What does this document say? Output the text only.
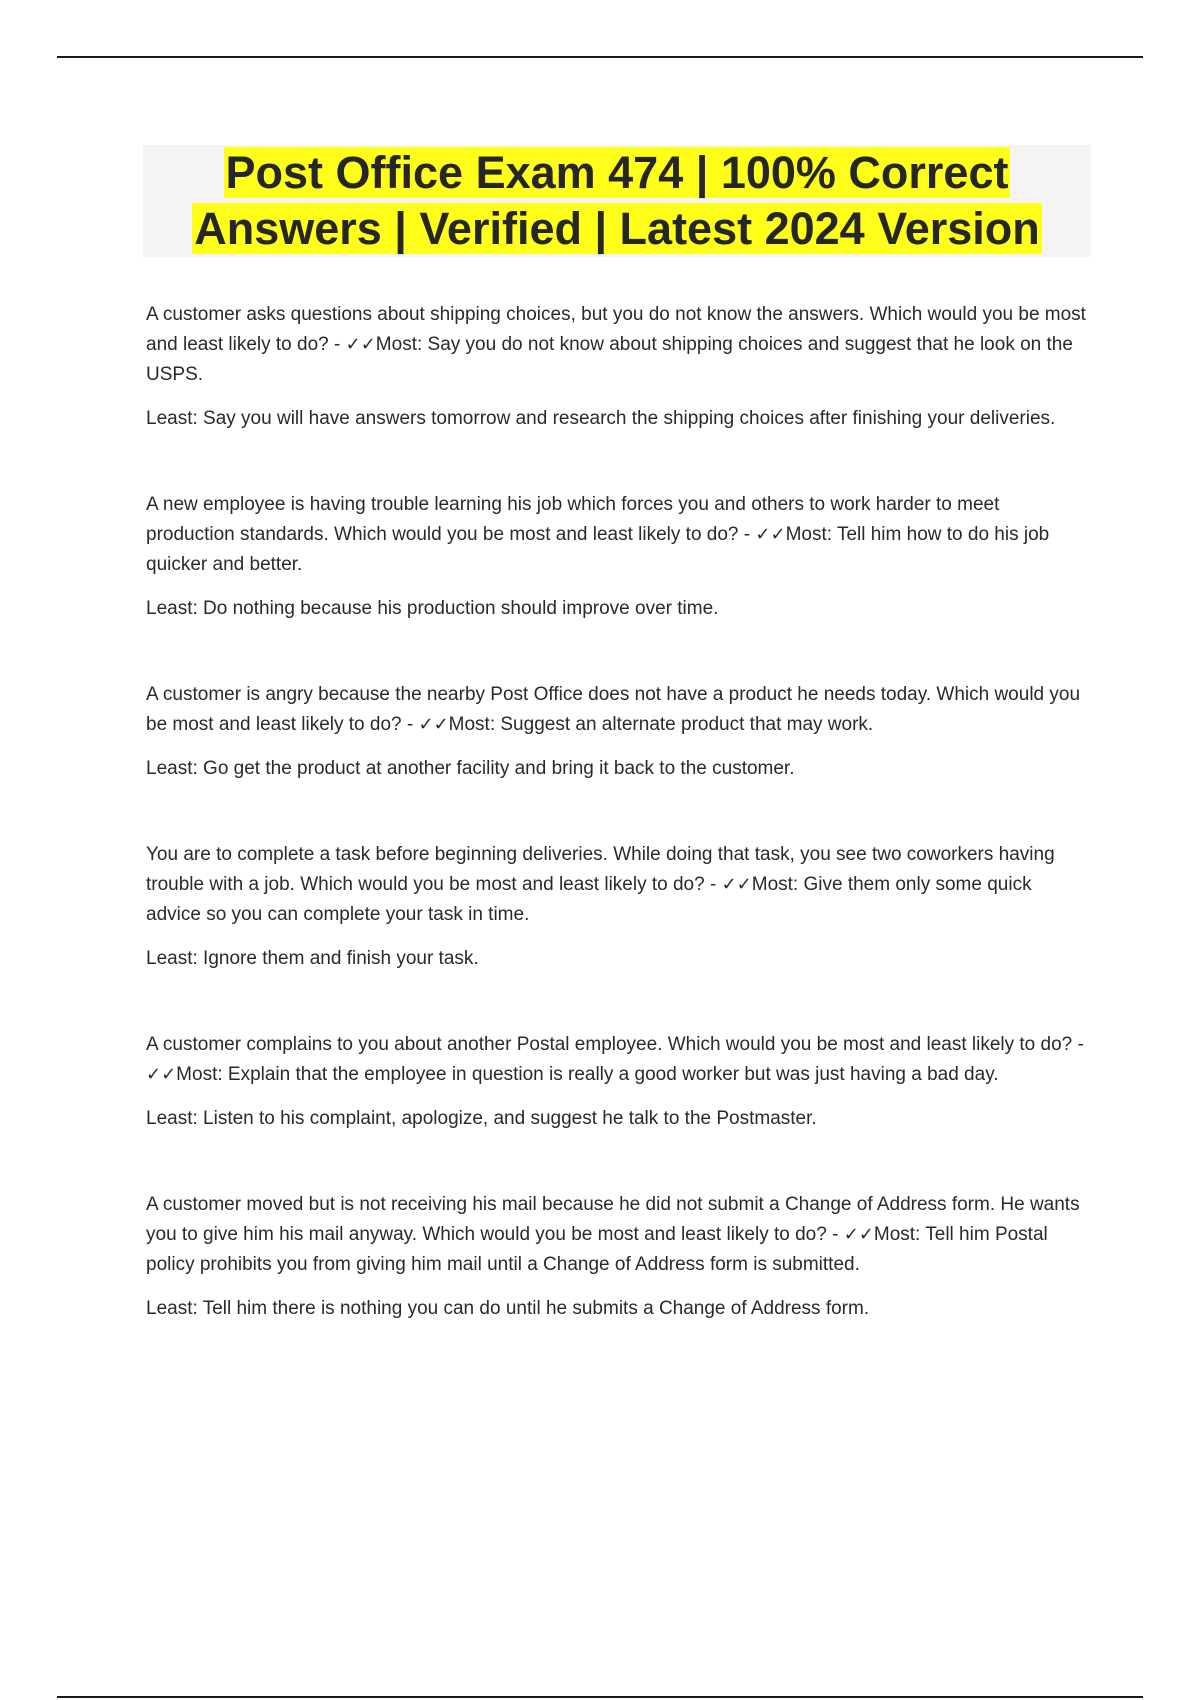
Post Office Exam 474 | 100% Correct
Answers | Verified | Latest 2024 Version

A customer asks questions about shipping choices, but you do not know the answers. Which would you be most and least likely to do? - ✓✓Most: Say you do not know about shipping choices and suggest that he look on the USPS.

Least: Say you will have answers tomorrow and research the shipping choices after finishing your deliveries.

A new employee is having trouble learning his job which forces you and others to work harder to meet production standards. Which would you be most and least likely to do? - ✓✓Most: Tell him how to do his job quicker and better.

Least: Do nothing because his production should improve over time.

A customer is angry because the nearby Post Office does not have a product he needs today. Which would you be most and least likely to do? - ✓✓Most: Suggest an alternate product that may work.

Least: Go get the product at another facility and bring it back to the customer.

You are to complete a task before beginning deliveries. While doing that task, you see two coworkers having trouble with a job. Which would you be most and least likely to do? - ✓✓Most: Give them only some quick advice so you can complete your task in time.

Least: Ignore them and finish your task.

A customer complains to you about another Postal employee. Which would you be most and least likely to do? - ✓✓Most: Explain that the employee in question is really a good worker but was just having a bad day.

Least: Listen to his complaint, apologize, and suggest he talk to the Postmaster.

A customer moved but is not receiving his mail because he did not submit a Change of Address form. He wants you to give him his mail anyway. Which would you be most and least likely to do? - ✓✓Most: Tell him Postal policy prohibits you from giving him mail until a Change of Address form is submitted.

Least: Tell him there is nothing you can do until he submits a Change of Address form.
